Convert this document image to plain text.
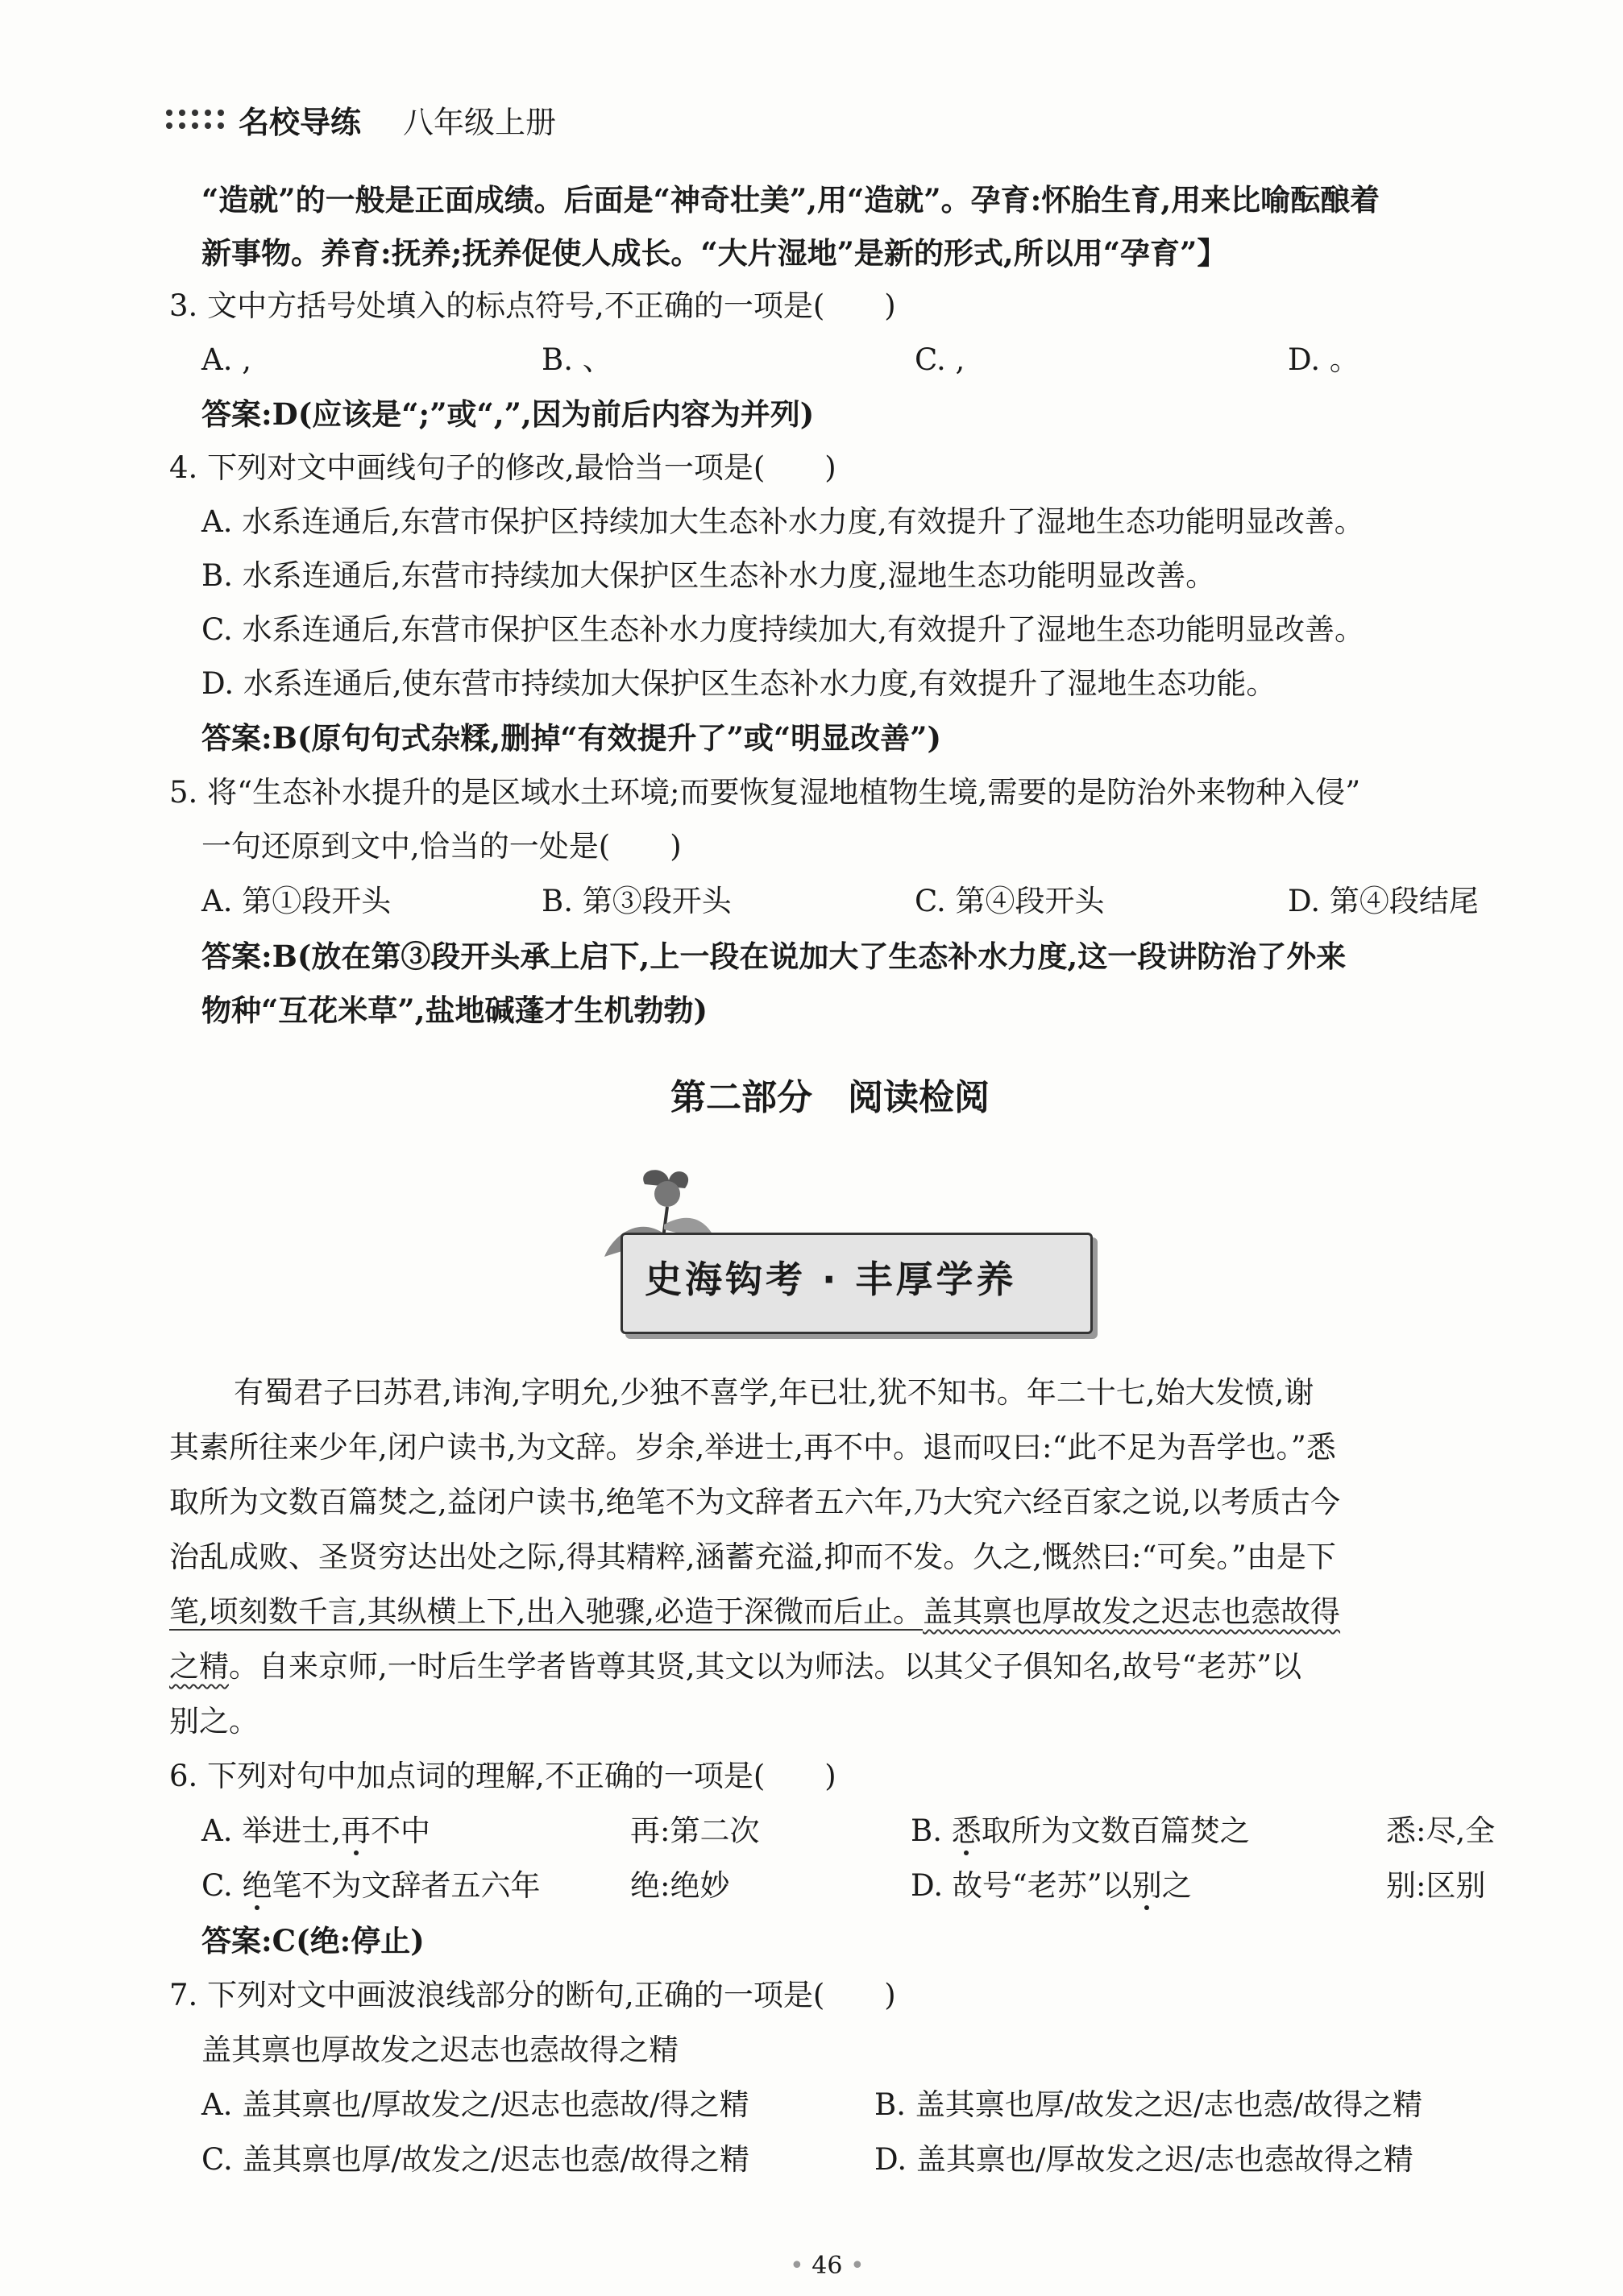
名校导练 八年级上册
“造就”的一般是正面成绩。后面是“神奇壮美”,用“造就”。孕育:怀胎生育,用来比喻酝酿着
新事物。养育:抚养;抚养促使人成长。“大片湿地”是新的形式,所以用“孕育”】
3. 文中方括号处填入的标点符号,不正确的一项是(　　)
A. ,	B. 、	C. ,	D. 。
答案:D(应该是“;”或“,”,因为前后内容为并列)
4. 下列对文中画线句子的修改,最恰当一项是(　　)
A. 水系连通后,东营市保护区持续加大生态补水力度,有效提升了湿地生态功能明显改善。
B. 水系连通后,东营市持续加大保护区生态补水力度,湿地生态功能明显改善。
C. 水系连通后,东营市保护区生态补水力度持续加大,有效提升了湿地生态功能明显改善。
D. 水系连通后,使东营市持续加大保护区生态补水力度,有效提升了湿地生态功能。
答案:B(原句句式杂糅,删掉“有效提升了”或“明显改善”)
5. 将“生态补水提升的是区域水土环境;而要恢复湿地植物生境,需要的是防治外来物种入侵”
一句还原到文中,恰当的一处是(　　)
A. 第①段开头	B. 第③段开头	C. 第④段开头	D. 第④段结尾
答案:B(放在第③段开头承上启下,上一段在说加大了生态补水力度,这一段讲防治了外来
物种“互花米草”,盐地碱蓬才生机勃勃)
第二部分　阅读检阅
史海钩考 · 丰厚学养
有蜀君子曰苏君,讳洵,字明允,少独不喜学,年已壮,犹不知书。年二十七,始大发愤,谢
其素所往来少年,闭户读书,为文辞。岁余,举进士,再不中。退而叹曰:“此不足为吾学也。”悉
取所为文数百篇焚之,益闭户读书,绝笔不为文辞者五六年,乃大究六经百家之说,以考质古今
治乱成败、圣贤穷达出处之际,得其精粹,涵蓄充溢,抑而不发。久之,慨然曰:“可矣。”由是下
笔,顷刻数千言,其纵横上下,出入驰骤,必造于深微而后止。盖其禀也厚故发之迟志也悫故得
之精。自来京师,一时后生学者皆尊其贤,其文以为师法。以其父子俱知名,故号“老苏”以
别之。
6. 下列对句中加点词的理解,不正确的一项是(　　)
A. 举进士,再不中	再:第二次	B. 悉取所为文数百篇焚之	悉:尽,全
C. 绝笔不为文辞者五六年	绝:绝妙	D. 故号“老苏”以别之	别:区别
答案:C(绝:停止)
7. 下列对文中画波浪线部分的断句,正确的一项是(　　)
盖其禀也厚故发之迟志也悫故得之精
A. 盖其禀也/厚故发之/迟志也悫故/得之精	B. 盖其禀也厚/故发之迟/志也悫/故得之精
C. 盖其禀也厚/故发之/迟志也悫/故得之精	D. 盖其禀也/厚故发之迟/志也悫故得之精
• 46 •
